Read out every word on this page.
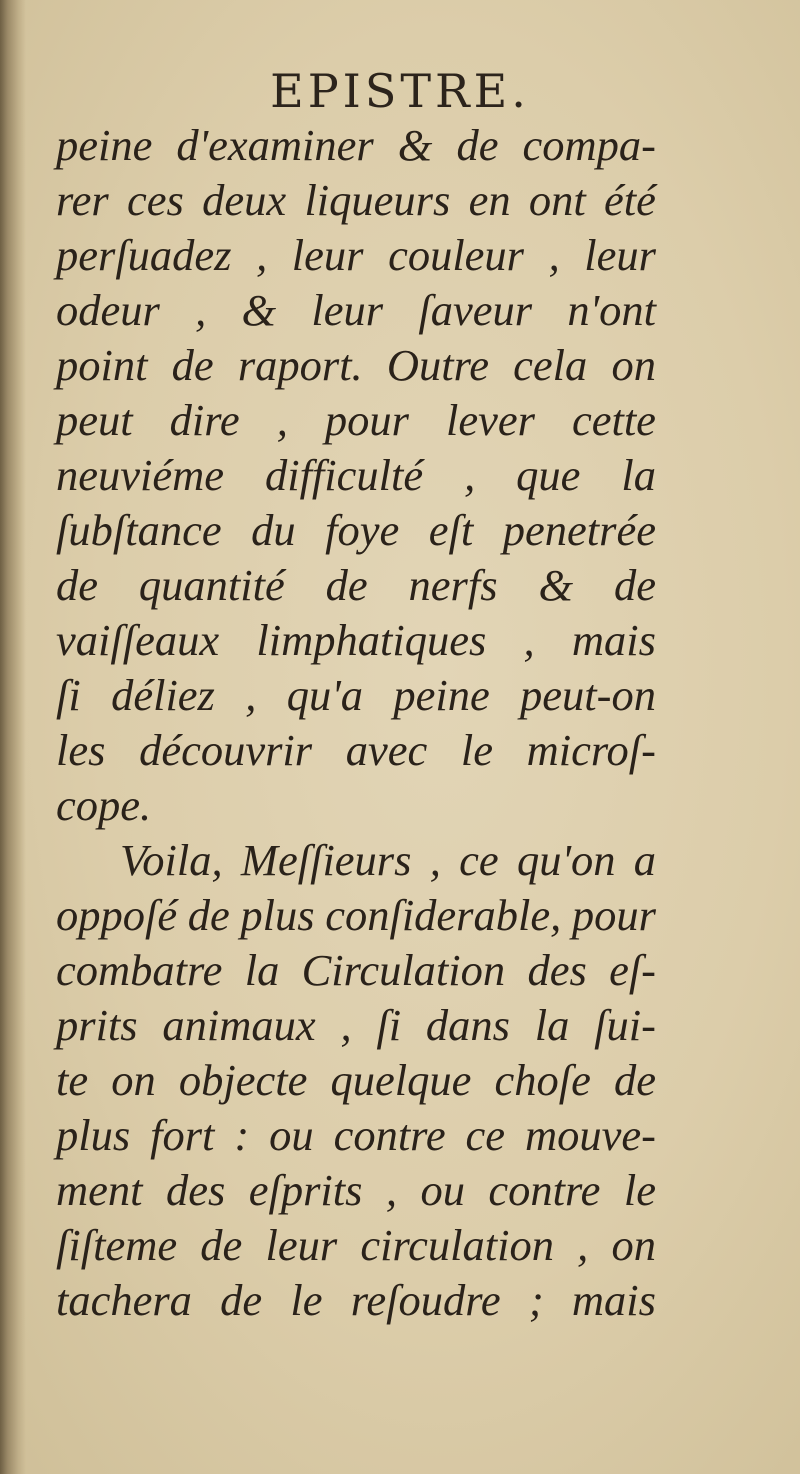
EPISTRE.
peine d'examiner & de compa-
rer ces deux liqueurs en ont été
perſuadez , leur couleur , leur
odeur , & leur ſaveur n'ont
point de raport. Outre cela on
peut dire , pour lever cette
neuviéme difficulté , que la
ſubſtance du foye eſt penetrée
de quantité de nerfs & de
vaiſſeaux limphatiques , mais
ſi déliez , qu'a peine peut-on
les découvrir avec le microſ-
cope.
Voila, Meſſieurs , ce qu'on a
oppoſé de plus conſiderable, pour
combatre la Circulation des eſ-
prits animaux , ſi dans la ſui-
te on objecte quelque choſe de
plus fort : ou contre ce mouve-
ment des eſprits , ou contre le
ſiſteme de leur circulation , on
tachera de le reſoudre ; mais
